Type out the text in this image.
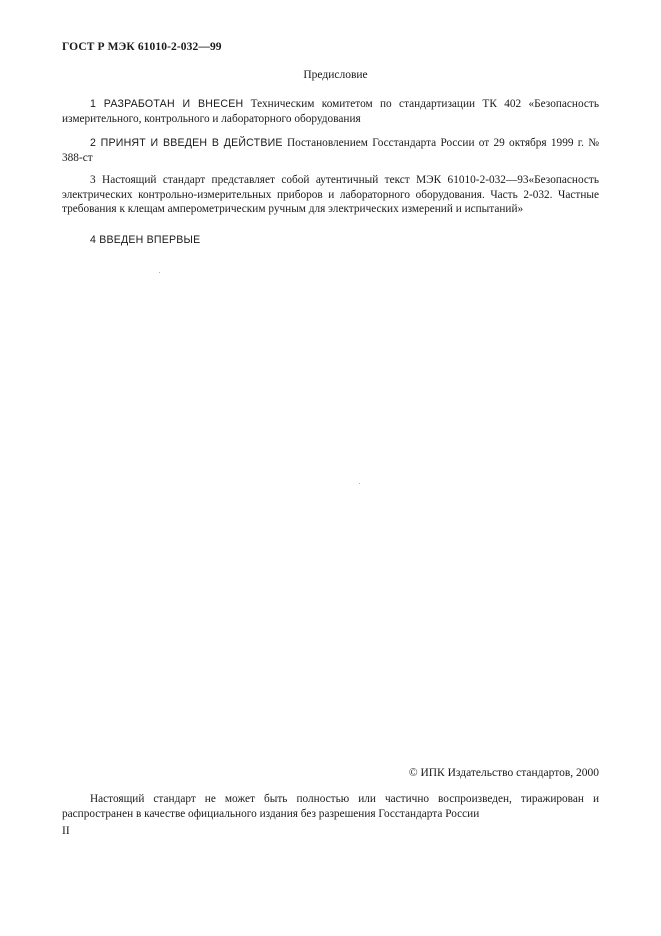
ГОСТ Р МЭК 61010-2-032—99
Предисловие

1 РАЗРАБОТАН И ВНЕСЕН Техническим комитетом по стандартизации ТК 402 «Безопасность измерительного, контрольного и лабораторного оборудования

2 ПРИНЯТ И ВВЕДЕН В ДЕЙСТВИЕ Постановлением Госстандарта России от 29 октября 1999 г. № 388-ст

3 Настоящий стандарт представляет собой аутентичный текст МЭК 61010-2-032—93«Безопасность электрических контрольно-измерительных приборов и лабораторного оборудования. Часть 2-032. Частные требования к клещам амперометрическим ручным для электрических измерений и испытаний»

4 ВВЕДЕН ВПЕРВЫЕ

© ИПК Издательство стандартов, 2000

Настоящий стандарт не может быть полностью или частично воспроизведен, тиражирован и распространен в качестве официального издания без разрешения Госстандарта России

II
